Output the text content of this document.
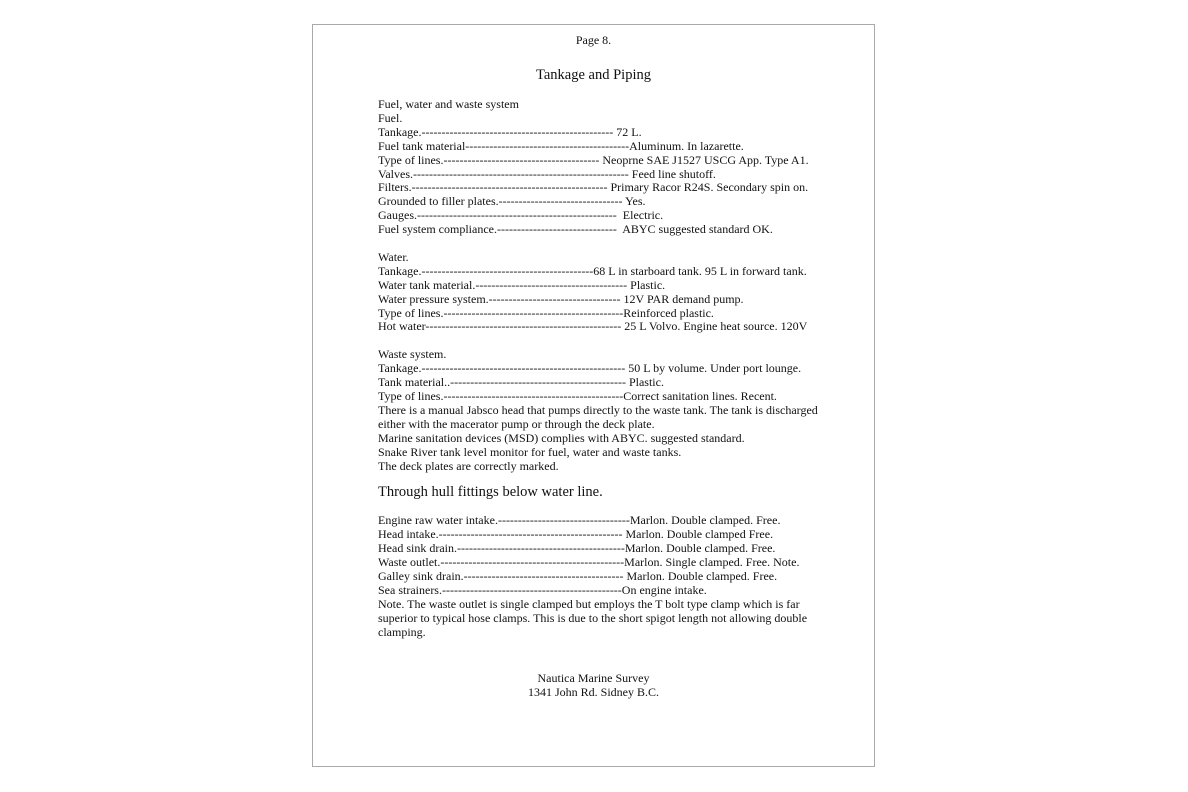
Page 8.
Tankage and Piping
Fuel, water and waste system
Fuel.
Tankage.------------------------------------------------ 72 L.
Fuel tank material-----------------------------------------Aluminum. In lazarette.
Type of lines.--------------------------------------- Neoprne SAE J1527 USCG App. Type A1.
Valves.------------------------------------------------------ Feed line shutoff.
Filters.------------------------------------------------- Primary Racor R24S. Secondary spin on.
Grounded to filler plates.------------------------------- Yes.
Gauges.--------------------------------------------------  Electric.
Fuel system compliance.------------------------------  ABYC suggested standard OK.
Water.
Tankage.-------------------------------------------68 L in starboard tank. 95 L in forward tank.
Water tank material.-------------------------------------- Plastic.
Water pressure system.--------------------------------- 12V PAR demand pump.
Type of lines.---------------------------------------------Reinforced plastic.
Hot water------------------------------------------------- 25 L Volvo. Engine heat source. 120V
Waste system.
Tankage.--------------------------------------------------- 50 L by volume. Under port lounge.
Tank material..-------------------------------------------- Plastic.
Type of lines.---------------------------------------------Correct sanitation lines. Recent.
There is a manual Jabsco head that pumps directly to the waste tank. The tank is discharged either with the macerator pump or through the deck plate.
Marine sanitation devices (MSD) complies with ABYC. suggested standard.
Snake River tank level monitor for fuel, water and waste tanks.
The deck plates are correctly marked.
Through hull fittings below water line.
Engine raw water intake.---------------------------------Marlon. Double clamped. Free.
Head intake.---------------------------------------------- Marlon. Double clamped Free.
Head sink drain.------------------------------------------Marlon. Double clamped. Free.
Waste outlet.----------------------------------------------Marlon. Single clamped. Free. Note.
Galley sink drain.---------------------------------------- Marlon. Double clamped. Free.
Sea strainers.---------------------------------------------On engine intake.
Note. The waste outlet is single clamped but employs the T bolt type clamp which is far superior to typical hose clamps. This is due to the short spigot length not allowing double clamping.
Nautica Marine Survey
1341 John Rd. Sidney B.C.
